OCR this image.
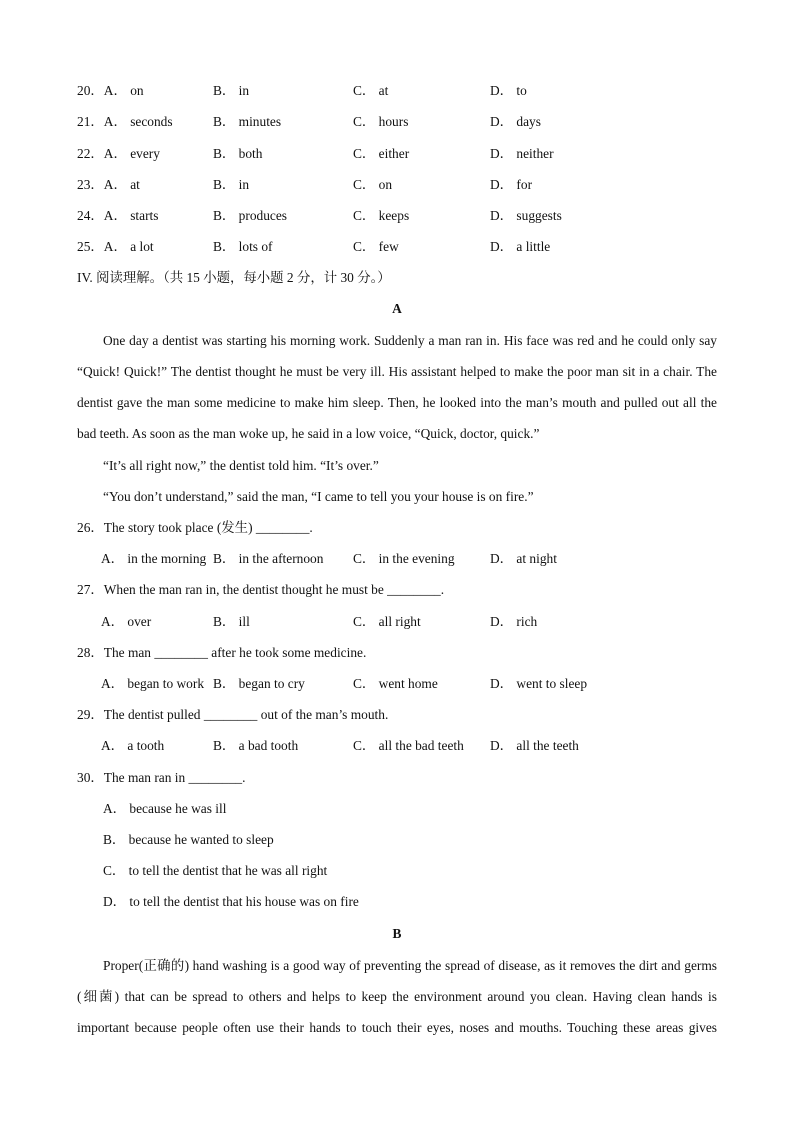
20．A． on	B． in	C． at	D． to
21．A． seconds	B． minutes	C． hours	D． days
22．A． every	B． both	C． either	D． neither
23．A． at	B． in	C． on	D． for
24．A． starts	B． produces	C． keeps	D． suggests
25．A． a lot	B． lots of	C． few	D． a little
IV. 阅读理解。（共 15 小题，每小题 2 分，计 30 分。）
A
One day a dentist was starting his morning work. Suddenly a man ran in. His face was red and he could only say “Quick! Quick!” The dentist thought he must be very ill. His assistant helped to make the poor man sit in a chair. The dentist gave the man some medicine to make him sleep. Then, he looked into the man’s mouth and pulled out all the bad teeth. As soon as the man woke up, he said in a low voice, “Quick, doctor, quick.”
“It’s all right now,” the dentist told him. “It’s over.”
“You don’t understand,” said the man, “I came to tell you your house is on fire.”
26．The story took place (发生) ________.
A． in the morning B． in the afternoon C． in the evening	D． at night
27．When the man ran in, the dentist thought he must be ________.
A． over	B． ill	C． all right	D． rich
28．The man ________ after he took some medicine.
A． began to work B． began to cry	C． went home	D． went to sleep
29．The dentist pulled ________ out of the man’s mouth.
A． a tooth	B． a bad tooth	C． all the bad teeth D． all the teeth
30．The man ran in ________.
A． because he was ill
B． because he wanted to sleep
C． to tell the dentist that he was all right
D． to tell the dentist that his house was on fire
B
Proper(正确的) hand washing is a good way of preventing the spread of disease, as it removes the dirt and germs (细菌) that can be spread to others and helps to keep the environment around you clean. Having clean hands is important because people often use their hands to touch their eyes, noses and mouths. Touching these areas gives
